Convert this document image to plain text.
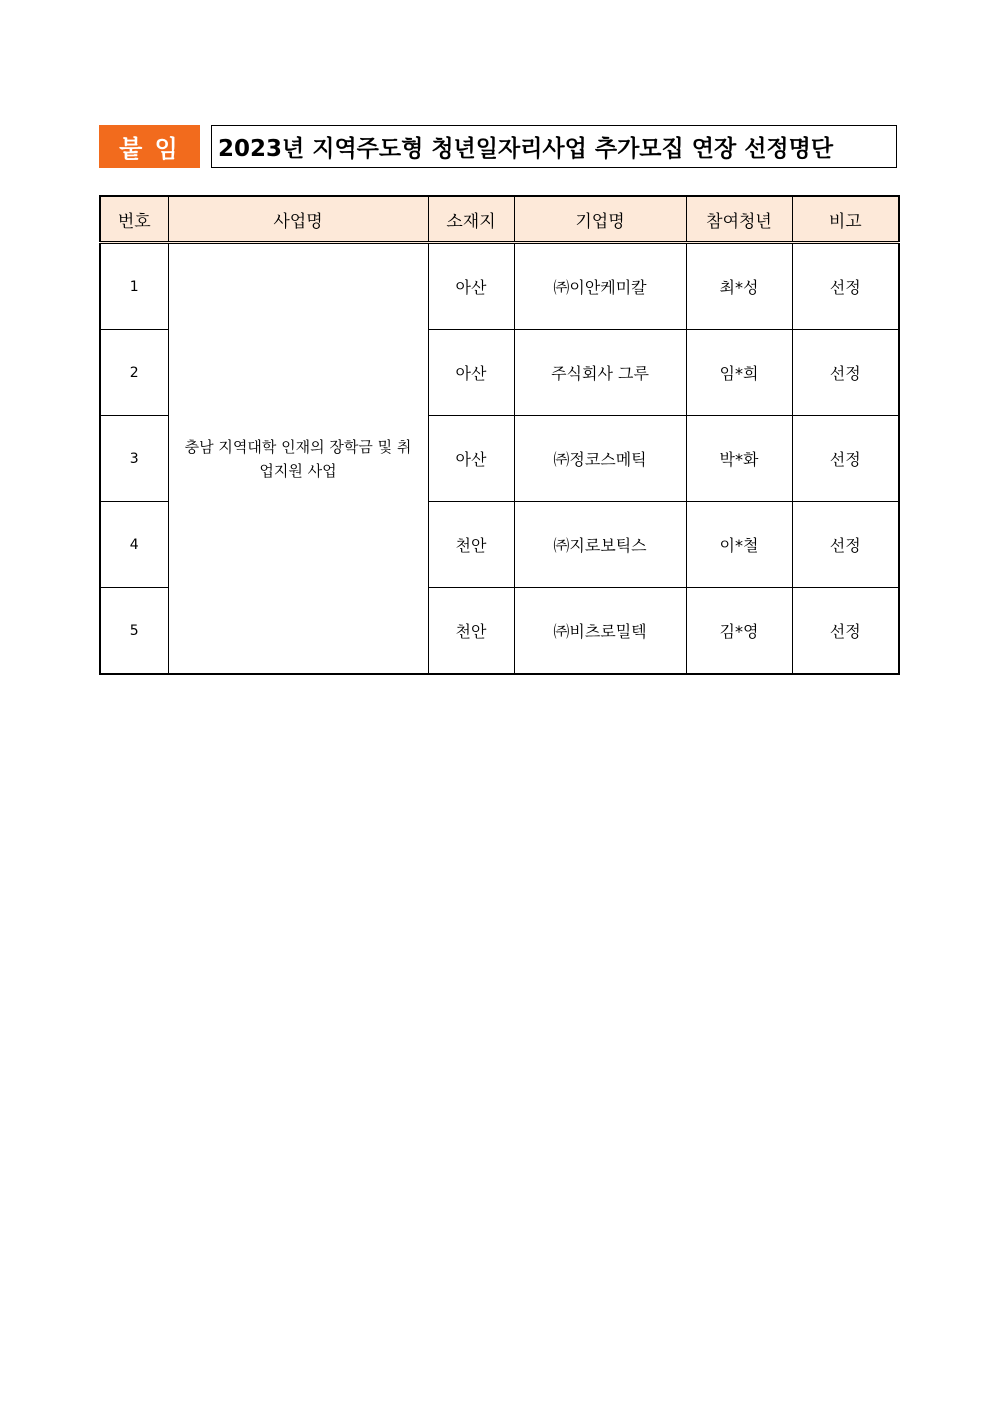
붙 임	2023년 지역주도형 청년일자리사업 추가모집 연장 선정명단
번호	사업명	소재지	기업명	참여청년	비고
1	충남 지역대학 인재의 장학금 및 취업지원 사업	아산	㈜이안케미칼	최*성	선정
2		아산	주식회사 그루	임*희	선정
3		아산	㈜정코스메틱	박*화	선정
4		천안	㈜지로보틱스	이*철	선정
5		천안	㈜비츠로밀텍	김*영	선정
